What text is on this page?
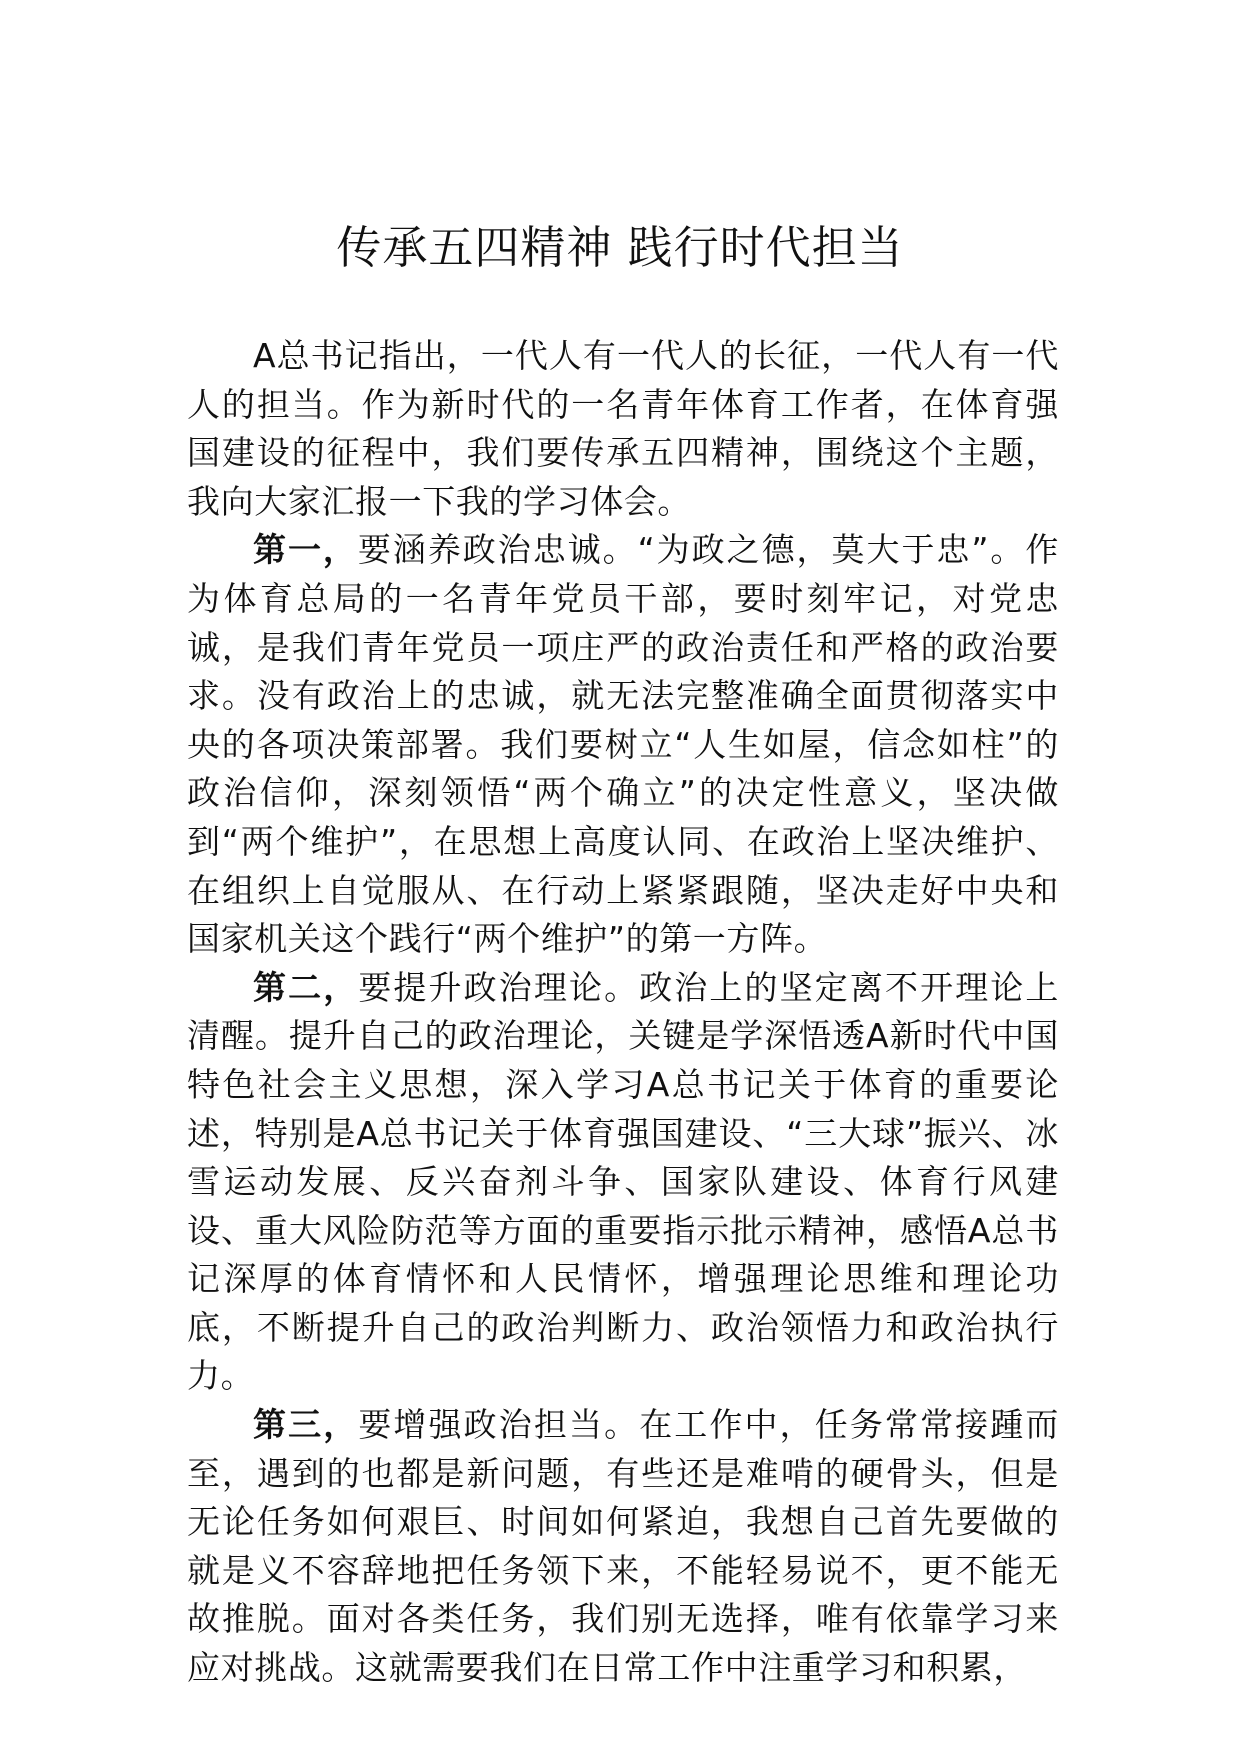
传承五四精神 践行时代担当

A总书记指出，一代人有一代人的长征，一代人有一代人的担当。作为新时代的一名青年体育工作者，在体育强国建设的征程中，我们要传承五四精神，围绕这个主题，我向大家汇报一下我的学习体会。

第一，要涵养政治忠诚。“为政之德，莫大于忠”。作为体育总局的一名青年党员干部，要时刻牢记，对党忠诚，是我们青年党员一项庄严的政治责任和严格的政治要求。没有政治上的忠诚，就无法完整准确全面贯彻落实中央的各项决策部署。我们要树立“人生如屋，信念如柱”的政治信仰，深刻领悟“两个确立”的决定性意义，坚决做到“两个维护”，在思想上高度认同、在政治上坚决维护、在组织上自觉服从、在行动上紧紧跟随，坚决走好中央和国家机关这个践行“两个维护”的第一方阵。

第二，要提升政治理论。政治上的坚定离不开理论上清醒。提升自己的政治理论，关键是学深悟透A新时代中国特色社会主义思想，深入学习A总书记关于体育的重要论述，特别是A总书记关于体育强国建设、“三大球”振兴、冰雪运动发展、反兴奋剂斗争、国家队建设、体育行风建设、重大风险防范等方面的重要指示批示精神，感悟A总书记深厚的体育情怀和人民情怀，增强理论思维和理论功底，不断提升自己的政治判断力、政治领悟力和政治执行力。

第三，要增强政治担当。在工作中，任务常常接踵而至，遇到的也都是新问题，有些还是难啃的硬骨头，但是无论任务如何艰巨、时间如何紧迫，我想自己首先要做的就是义不容辞地把任务领下来，不能轻易说不，更不能无故推脱。面对各类任务，我们别无选择，唯有依靠学习来应对挑战。这就需要我们在日常工作中注重学习和积累，
